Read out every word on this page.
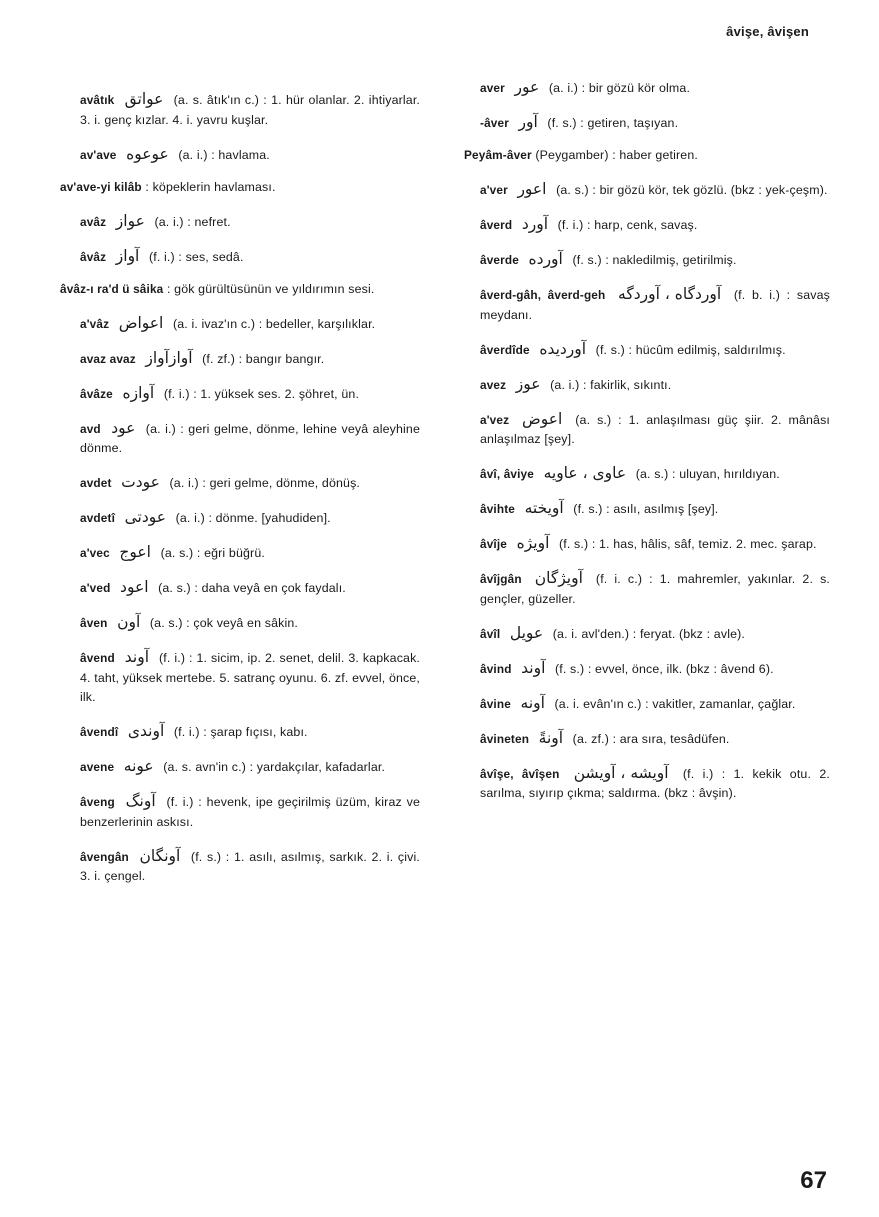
âvişe, âvişen

avâtık عواتق (a. s. âtık'ın c.) : 1. hür olanlar. 2. ihtiyarlar. 3. i. genç kızlar. 4. i. yavru kuşlar.

av'ave عوعوه (a. i.) : havlama.

av'ave-yi kilâb : köpeklerin havlaması.

avâz عواز (a. i.) : nefret.

âvâz آواز (f. i.) : ses, sedâ.

âvâz-ı ra'd ü sâika : gök gürültüsünün ve yıldırımın sesi.

a'vâz اعواض (a. i. ivaz'ın c.) : bedeller, karşılıklar.

avaz avaz آوازآواز (f. zf.) : bangır bangır.

âvâze آوازه (f. i.) : 1. yüksek ses. 2. şöhret, ün.

avd عود (a. i.) : geri gelme, dönme, lehine veyâ aleyhine dönme.

avdet عودت (a. i.) : geri gelme, dönme, dönüş.

avdetî عودتى (a. i.) : dönme. [yahudiden].

a'vec اعوج (a. s.) : eğri büğrü.

a'ved اعود (a. s.) : daha veyâ en çok faydalı.

âven آون (a. s.) : çok veyâ en sâkin.

âvend آوند (f. i.) : 1. sicim, ip. 2. senet, delil. 3. kapkacak. 4. taht, yüksek mertebe. 5. satranç oyunu. 6. zf. evvel, önce, ilk.

âvendî آوندى (f. i.) : şarap fıçısı, kabı.

avene عونه (a. s. avn'in c.) : yardakçılar, kafadarlar.

âveng آونگ (f. i.) : hevenk, ipe geçirilmiş üzüm, kiraz ve benzerlerinin askısı.

âvengân آونگان (f. s.) : 1. asılı, asılmış, sarkık. 2. i. çivi. 3. i. çengel.

aver عور (a. i.) : bir gözü kör olma.

-âver آور (f. s.) : getiren, taşıyan.

Peyâm-âver (Peygamber) : haber getiren.

a'ver اعور (a. s.) : bir gözü kör, tek gözlü. (bkz : yek-çeşm).

âverd آورد (f. i.) : harp, cenk, savaş.

âverde آورده (f. s.) : nakledilmiş, getirilmiş.

âverd-gâh, âverd-geh آوردگاه ، آوردگه (f. b. i.) : savaş meydanı.

âverdîde آورديده (f. s.) : hücûm edilmiş, saldırılmış.

avez عوز (a. i.) : fakirlik, sıkıntı.

a'vez اعوض (a. s.) : 1. anlaşılması güç şiir. 2. mânâsı anlaşılmaz [şey].

âvî, âviye عاوى ، عاويه (a. s.) : uluyan, hırıldıyan.

âvihte آويخته (f. s.) : asılı, asılmış [şey].

âvîje آويژه (f. s.) : 1. has, hâlis, sâf, temiz. 2. mec. şarap.

âvîjgân آويژگان (f. i. c.) : 1. mahremler, yakınlar. 2. s. gençler, güzeller.

âvîl عويل (a. i. avl'den.) : feryat. (bkz : avle).

âvind آوند (f. s.) : evvel, önce, ilk. (bkz : âvend 6).

âvine آونه (a. i. evân'ın c.) : vakitler, zamanlar, çağlar.

âvineten آونةً (a. zf.) : ara sıra, tesâdüfen.

âvîşe, âvîşen آويشه ، آويشن (f. i.) : 1. kekik otu. 2. sarılma, sıyırıp çıkma; saldırma. (bkz : âvşin).

67
